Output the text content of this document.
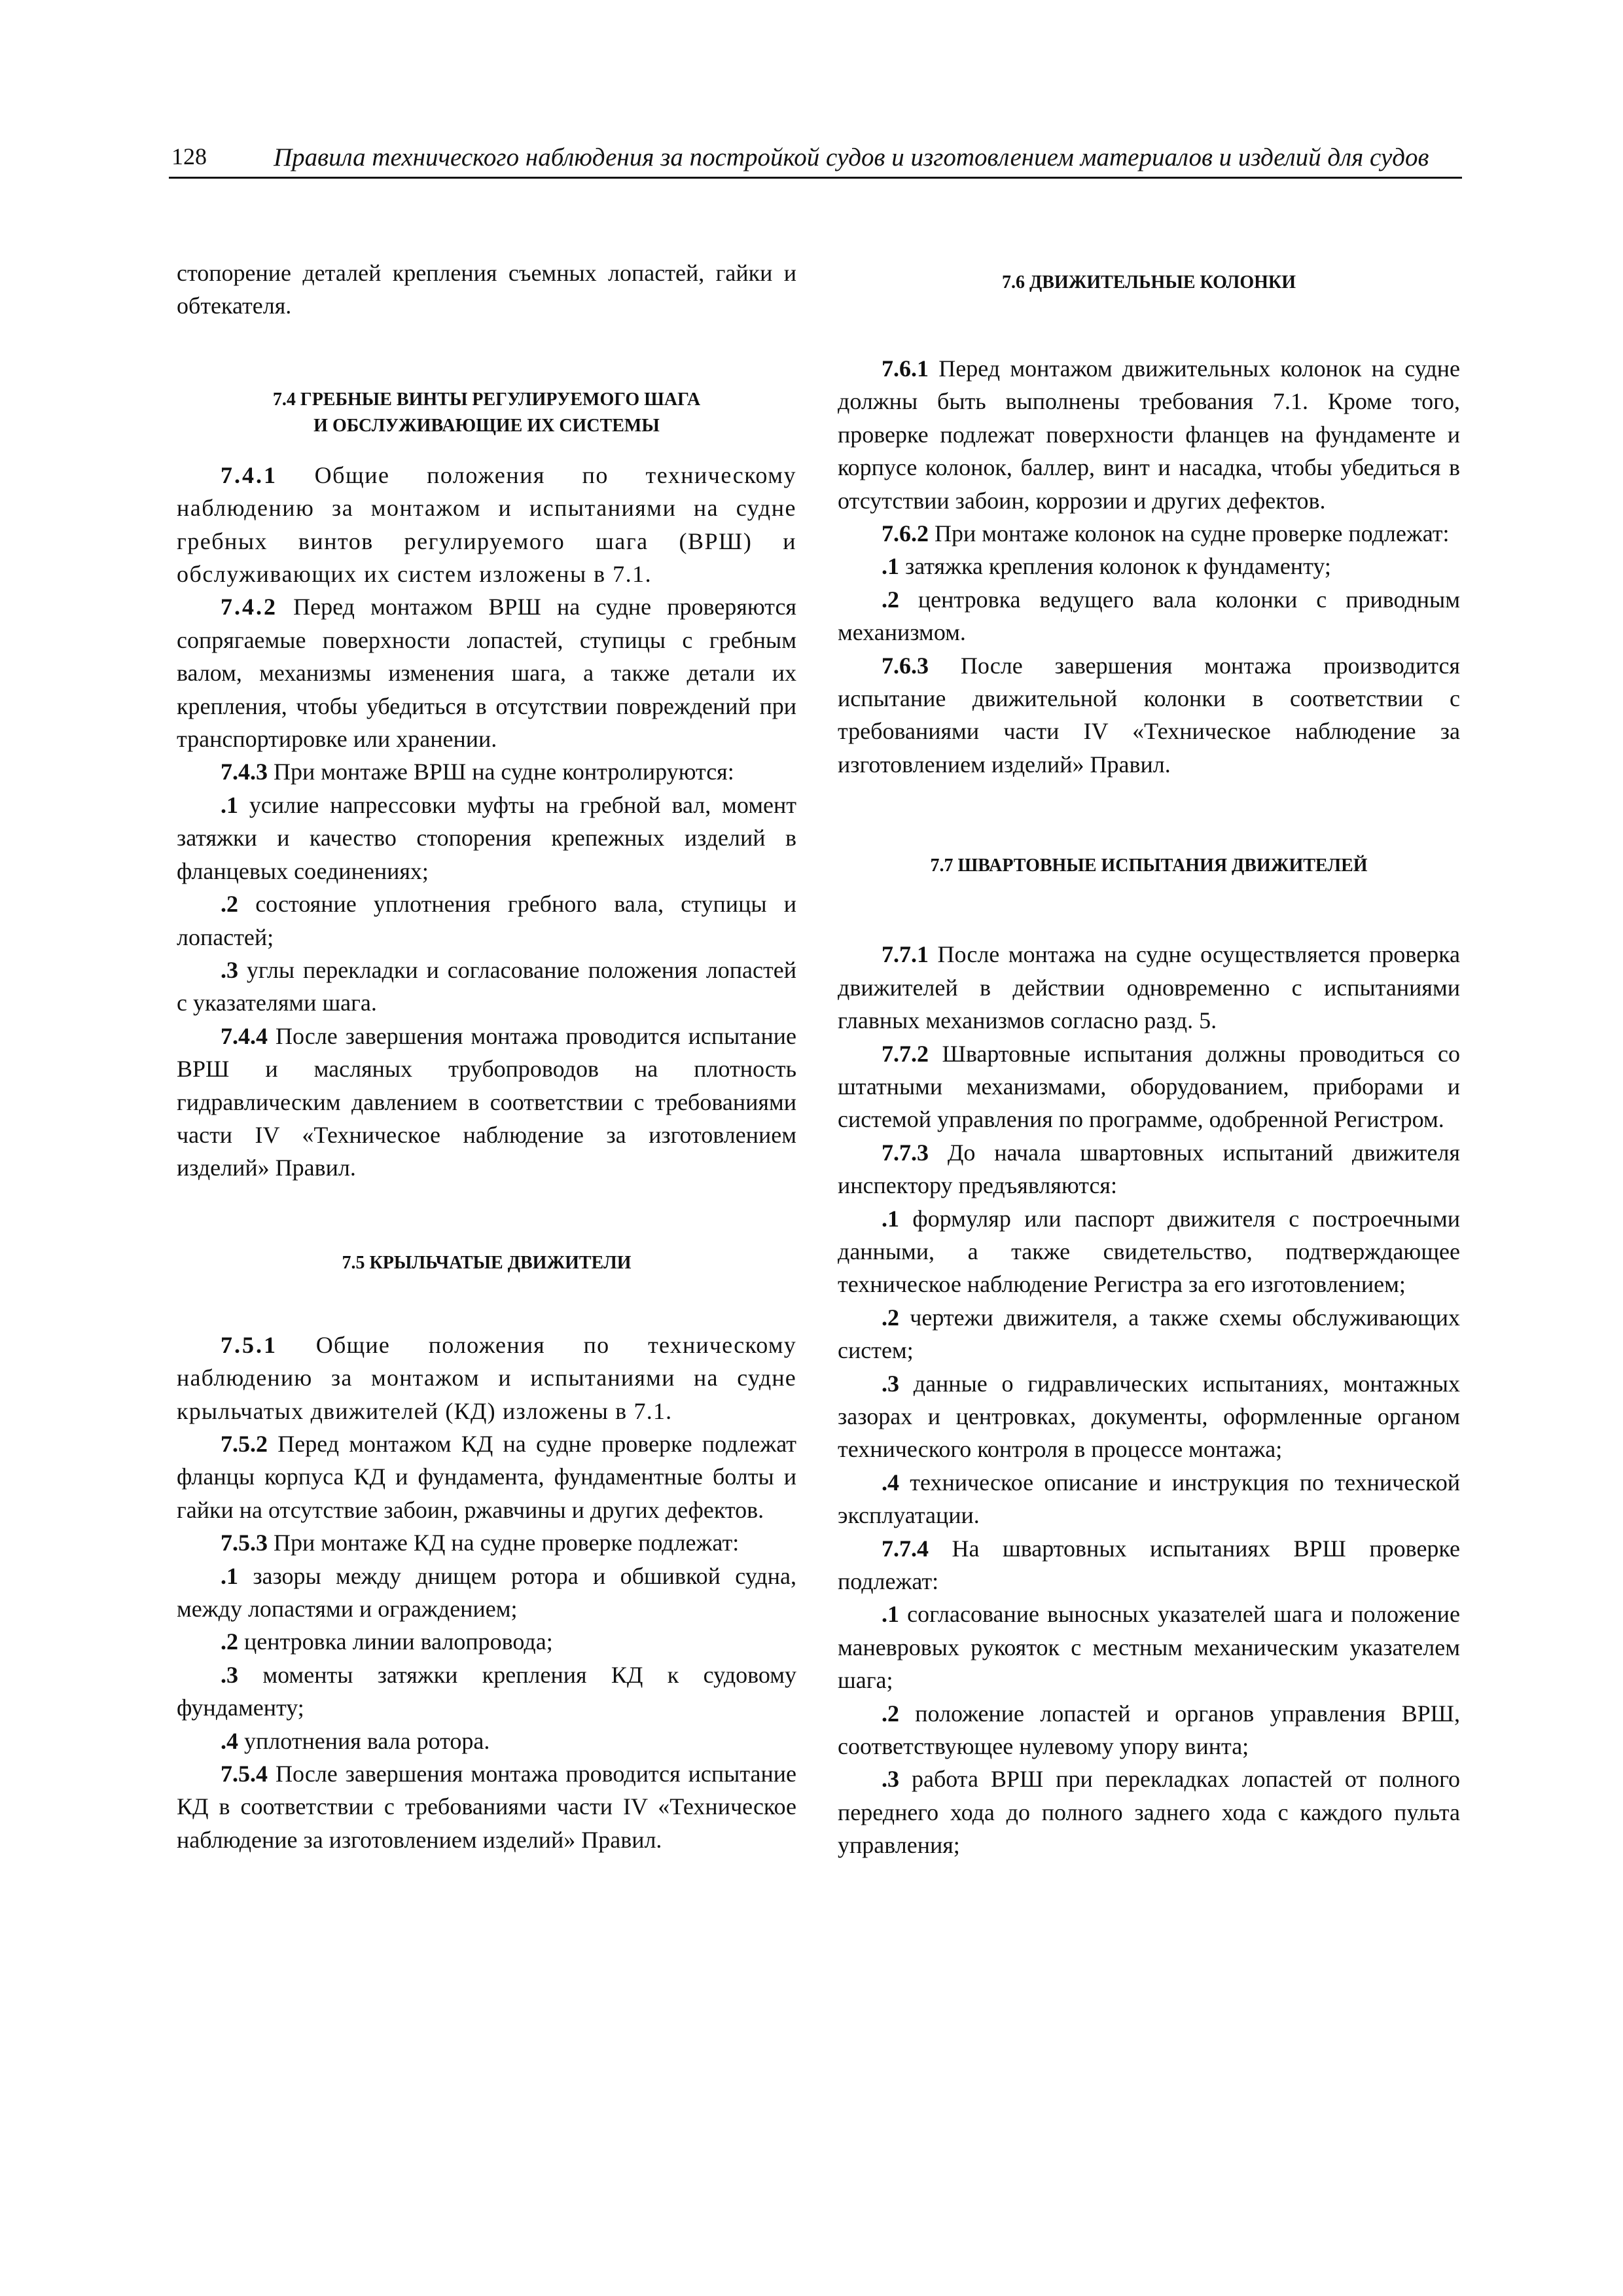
128	Правила технического наблюдения за постройкой судов и изготовлением материалов и изделий для судов

стопорение деталей крепления съемных лопастей, гайки и обтекателя.

7.4 ГРЕБНЫЕ ВИНТЫ РЕГУЛИРУЕМОГО ШАГА
И ОБСЛУЖИВАЮЩИЕ ИХ СИСТЕМЫ

7.4.1 Общие положения по техническому наблюдению за монтажом и испытаниями на судне гребных винтов регулируемого шага (ВРШ) и обслуживающих их систем изложены в 7.1.

7.4.2 Перед монтажом ВРШ на судне проверяются сопрягаемые поверхности лопастей, ступицы с гребным валом, механизмы изменения шага, а также детали их крепления, чтобы убедиться в отсутствии повреждений при транспортировке или хранении.

7.4.3 При монтаже ВРШ на судне контролируются:

.1 усилие напрессовки муфты на гребной вал, момент затяжки и качество стопорения крепежных изделий в фланцевых соединениях;

.2 состояние уплотнения гребного вала, ступицы и лопастей;

.3 углы перекладки и согласование положения лопастей с указателями шага.

7.4.4 После завершения монтажа проводится испытание ВРШ и масляных трубопроводов на плотность гидравлическим давлением в соответствии с требованиями части IV «Техническое наблюдение за изготовлением изделий» Правил.

7.5 КРЫЛЬЧАТЫЕ ДВИЖИТЕЛИ

7.5.1 Общие положения по техническому наблюдению за монтажом и испытаниями на судне крыльчатых движителей (КД) изложены в 7.1.

7.5.2 Перед монтажом КД на судне проверке подлежат фланцы корпуса КД и фундамента, фундаментные болты и гайки на отсутствие забоин, ржавчины и других дефектов.

7.5.3 При монтаже КД на судне проверке подлежат:

.1 зазоры между днищем ротора и обшивкой судна, между лопастями и ограждением;

.2 центровка линии валопровода;

.3 моменты затяжки крепления КД к судовому фундаменту;

.4 уплотнения вала ротора.

7.5.4 После завершения монтажа проводится испытание КД в соответствии с требованиями части IV «Техническое наблюдение за изготовлением изделий» Правил.

7.6 ДВИЖИТЕЛЬНЫЕ КОЛОНКИ

7.6.1 Перед монтажом движительных колонок на судне должны быть выполнены требования 7.1. Кроме того, проверке подлежат поверхности фланцев на фундаменте и корпусе колонок, баллер, винт и насадка, чтобы убедиться в отсутствии забоин, коррозии и других дефектов.

7.6.2 При монтаже колонок на судне проверке подлежат:

.1 затяжка крепления колонок к фундаменту;

.2 центровка ведущего вала колонки с приводным механизмом.

7.6.3 После завершения монтажа производится испытание движительной колонки в соответствии с требованиями части IV «Техническое наблюдение за изготовлением изделий» Правил.

7.7 ШВАРТОВНЫЕ ИСПЫТАНИЯ ДВИЖИТЕЛЕЙ

7.7.1 После монтажа на судне осуществляется проверка движителей в действии одновременно с испытаниями главных механизмов согласно разд. 5.

7.7.2 Швартовные испытания должны проводиться со штатными механизмами, оборудованием, приборами и системой управления по программе, одобренной Регистром.

7.7.3 До начала швартовных испытаний движителя инспектору предъявляются:

.1 формуляр или паспорт движителя с построечными данными, а также свидетельство, подтверждающее техническое наблюдение Регистра за его изготовлением;

.2 чертежи движителя, а также схемы обслуживающих систем;

.3 данные о гидравлических испытаниях, монтажных зазорах и центровках, документы, оформленные органом технического контроля в процессе монтажа;

.4 техническое описание и инструкция по технической эксплуатации.

7.7.4 На швартовных испытаниях ВРШ проверке подлежат:

.1 согласование выносных указателей шага и положение маневровых рукояток с местным механическим указателем шага;

.2 положение лопастей и органов управления ВРШ, соответствующее нулевому упору винта;

.3 работа ВРШ при перекладках лопастей от полного переднего хода до полного заднего хода с каждого пульта управления;
